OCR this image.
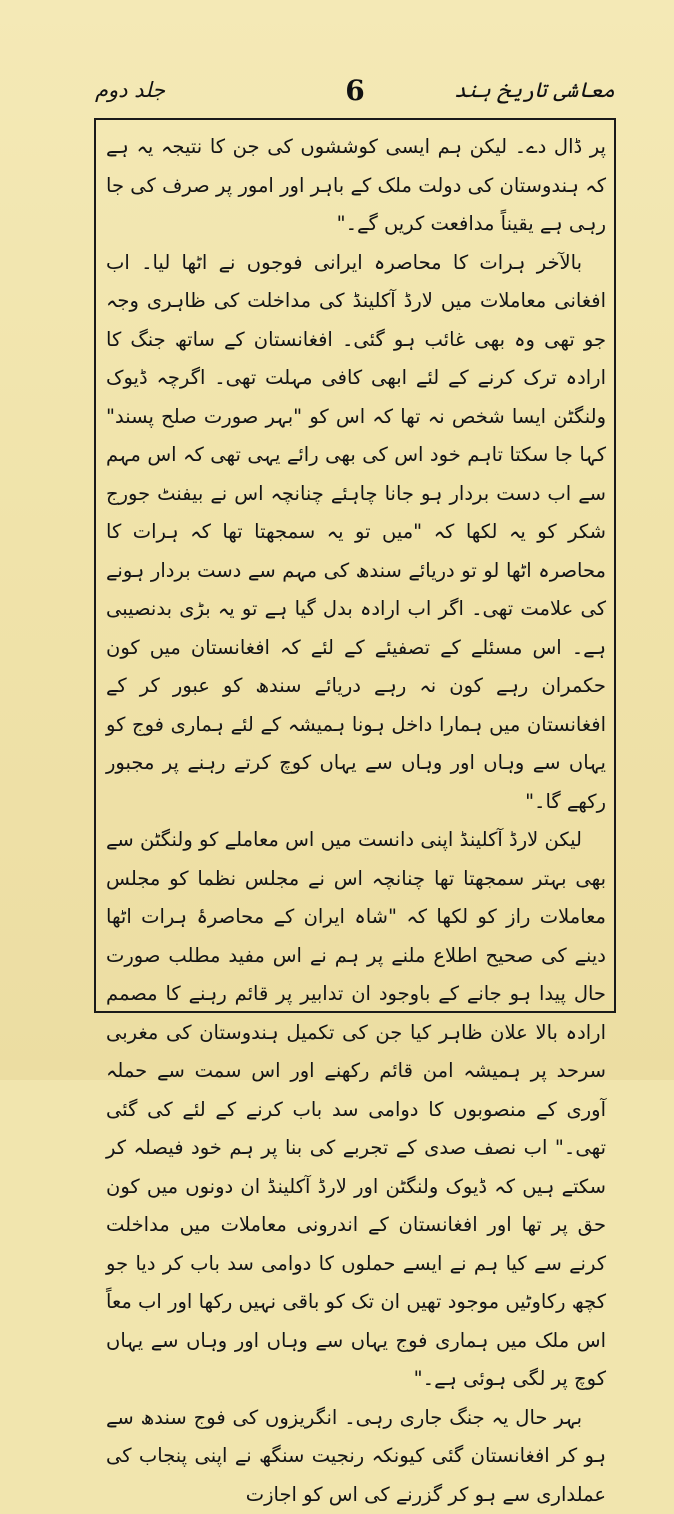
معاشی تاریخ ہند
6
جلد دوم

پر ڈال دے۔ لیکن ہم ایسی کوششوں کی جن کا نتیجہ یہ ہے کہ ہندوستان کی دولت ملک کے باہر اور امور پر صرف کی جا رہی ہے یقیناً مدافعت کریں گے۔"

بالآخر ہرات کا محاصرہ ایرانی فوجوں نے اٹھا لیا۔ اب افغانی معاملات میں لارڈ آکلینڈ کی مداخلت کی ظاہری وجہ جو تھی وہ بھی غائب ہو گئی۔ افغانستان کے ساتھ جنگ کا ارادہ ترک کرنے کے لئے ابھی کافی مہلت تھی۔ اگرچہ ڈیوک ولنگٹن ایسا شخص نہ تھا کہ اس کو "بہر صورت صلح پسند" کہا جا سکتا تاہم خود اس کی بھی رائے یہی تھی کہ اس مہم سے اب دست بردار ہو جانا چاہئے چنانچہ اس نے بیفنٹ جورج شکر کو یہ لکھا کہ "میں تو یہ سمجھتا تھا کہ ہرات کا محاصرہ اٹھا لو تو دریائے سندھ کی مہم سے دست بردار ہونے کی علامت تھی۔ اگر اب ارادہ بدل گیا ہے تو یہ بڑی بدنصیبی ہے۔ اس مسئلے کے تصفیئے کے لئے کہ افغانستان میں کون حکمران رہے کون نہ رہے دریائے سندھ کو عبور کر کے افغانستان میں ہمارا داخل ہونا ہمیشہ کے لئے ہماری فوج کو یہاں سے وہاں اور وہاں سے یہاں کوچ کرتے رہنے پر مجبور رکھے گا۔"

لیکن لارڈ آکلینڈ اپنی دانست میں اس معاملے کو ولنگٹن سے بھی بہتر سمجھتا تھا چنانچہ اس نے مجلس نظما کو مجلس معاملات راز کو لکھا کہ "شاہ ایران کے محاصرۂ ہرات اٹھا دینے کی صحیح اطلاع ملنے پر ہم نے اس مفید مطلب صورت حال پیدا ہو جانے کے باوجود ان تدابیر پر قائم رہنے کا مصمم ارادہ بالا علان ظاہر کیا جن کی تکمیل ہندوستان کی مغربی سرحد پر ہمیشہ امن قائم رکھنے اور اس سمت سے حملہ آوری کے منصوبوں کا دوامی سد باب کرنے کے لئے کی گئی تھی۔" اب نصف صدی کے تجربے کی بنا پر ہم خود فیصلہ کر سکتے ہیں کہ ڈیوک ولنگٹن اور لارڈ آکلینڈ ان دونوں میں کون حق پر تھا اور افغانستان کے اندرونی معاملات میں مداخلت کرنے سے کیا ہم نے ایسے حملوں کا دوامی سد باب کر دیا جو کچھ رکاوٹیں موجود تھیں ان تک کو باقی نہیں رکھا اور اب معاً اس ملک میں ہماری فوج یہاں سے وہاں اور وہاں سے یہاں کوچ پر لگی ہوئی ہے۔"

بہر حال یہ جنگ جاری رہی۔ انگریزوں کی فوج سندھ سے ہو کر افغانستان گئی کیونکہ رنجیت سنگھ نے اپنی پنجاب کی عملداری سے ہو کر گزرنے کی اس کو اجازت
